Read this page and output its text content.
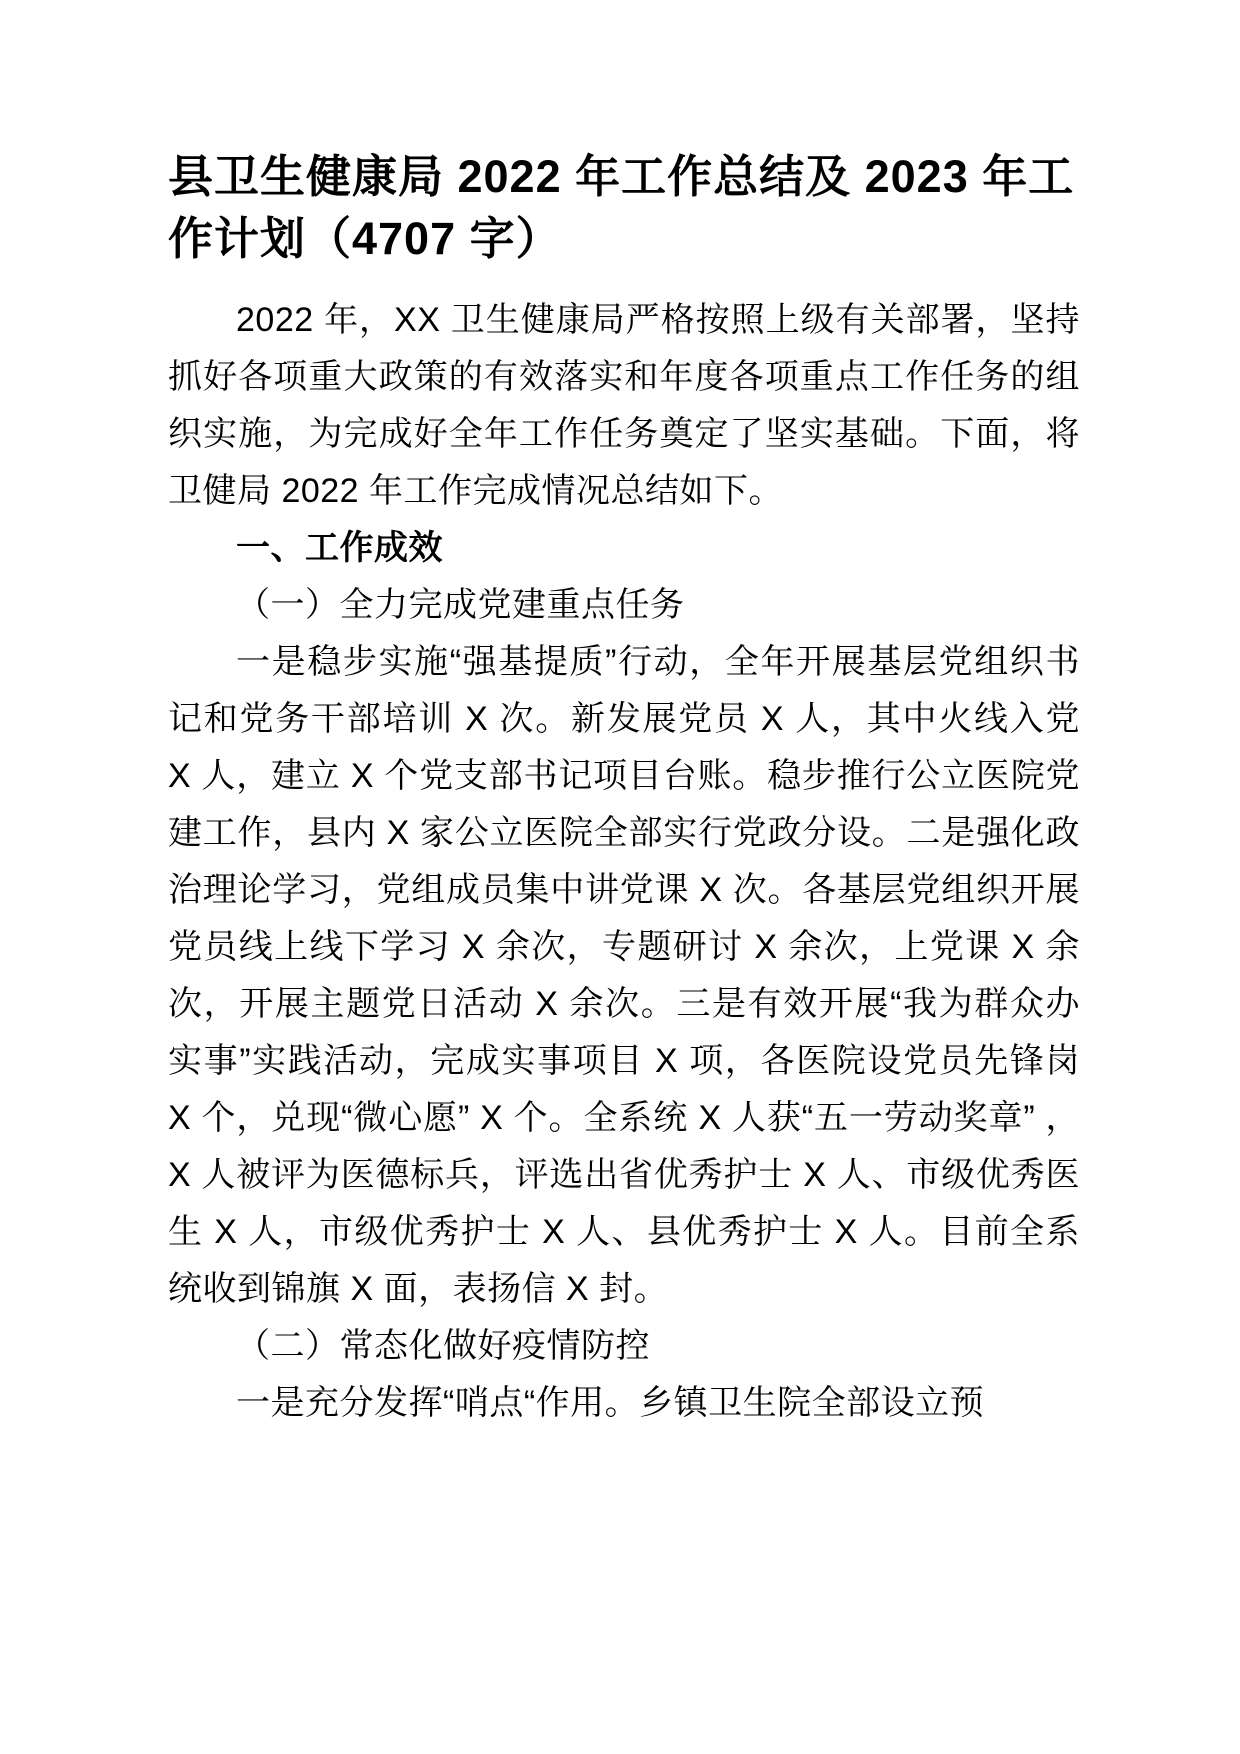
县卫生健康局 2022 年工作总结及 2023 年工作计划（4707 字）

2022 年，XX 卫生健康局严格按照上级有关部署，坚持抓好各项重大政策的有效落实和年度各项重点工作任务的组织实施，为完成好全年工作任务奠定了坚实基础。下面，将卫健局 2022 年工作完成情况总结如下。

一、工作成效

（一）全力完成党建重点任务

一是稳步实施“强基提质”行动，全年开展基层党组织书记和党务干部培训 X 次。新发展党员 X 人，其中火线入党 X 人，建立 X 个党支部书记项目台账。稳步推行公立医院党建工作，县内 X 家公立医院全部实行党政分设。二是强化政治理论学习，党组成员集中讲党课 X 次。各基层党组织开展党员线上线下学习 X 余次，专题研讨 X 余次，上党课 X 余次，开展主题党日活动 X 余次。三是有效开展“我为群众办实事”实践活动，完成实事项目 X 项，各医院设党员先锋岗 X 个，兑现“微心愿” X 个。全系统 X 人获“五一劳动奖章” ，X 人被评为医德标兵，评选出省优秀护士 X 人、市级优秀医生 X 人，市级优秀护士 X 人、县优秀护士 X 人。目前全系统收到锦旗 X 面，表扬信 X 封。

（二）常态化做好疫情防控

一是充分发挥“哨点“作用。乡镇卫生院全部设立预
